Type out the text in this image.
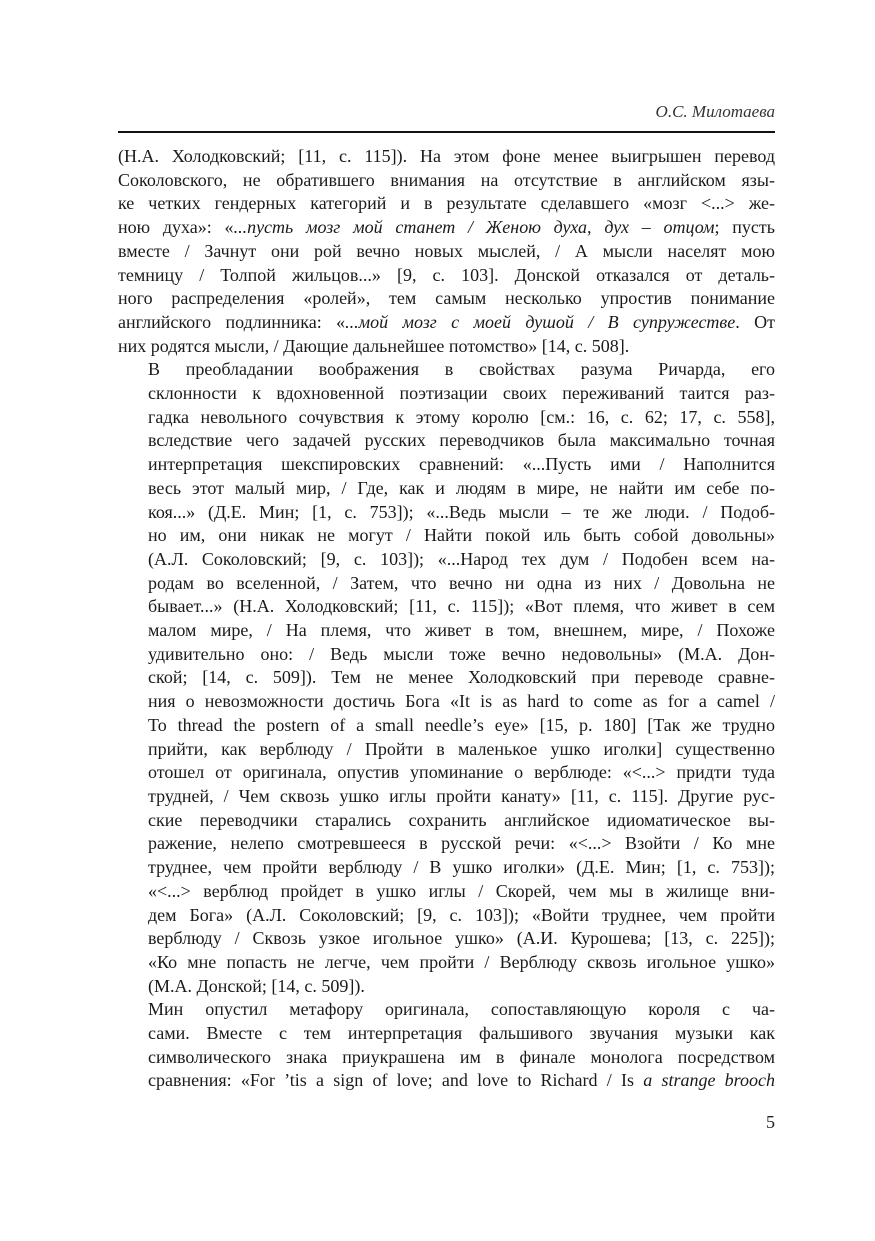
О.С. Милотаева

(Н.А. Холодковский; [11, с. 115]). На этом фоне менее выигрышен перевод
Соколовского, не обратившего внимания на отсутствие в английском язы-
ке четких гендерных категорий и в результате сделавшего «мозг <...> же-
ною духа»: «...пусть мозг мой станет / Женою духа, дух – отцом; пусть
вместе / Зачнут они рой вечно новых мыслей, / А мысли населят мою
темницу / Толпой жильцов...» [9, с. 103]. Донской отказался от деталь-
ного распределения «ролей», тем самым несколько упростив понимание
английского подлинника: «...мой мозг с моей душой / В супружестве. От
них родятся мысли, / Дающие дальнейшее потомство» [14, с. 508].

В преобладании воображения в свойствах разума Ричарда, его
склонности к вдохновенной поэтизации своих переживаний таится раз-
гадка невольного сочувствия к этому королю [см.: 16, с. 62; 17, с. 558],
вследствие чего задачей русских переводчиков была максимально точная
интерпретация шекспировских сравнений: «...Пусть ими / Наполнится
весь этот малый мир, / Где, как и людям в мире, не найти им себе по-
коя...» (Д.Е. Мин; [1, с. 753]); «...Ведь мысли – те же люди. / Подоб-
но им, они никак не могут / Найти покой иль быть собой довольны»
(А.Л. Соколовский; [9, с. 103]); «...Народ тех дум / Подобен всем на-
родам во вселенной, / Затем, что вечно ни одна из них / Довольна не
бывает...» (Н.А. Холодковский; [11, с. 115]); «Вот племя, что живет в сем
малом мире, / На племя, что живет в том, внешнем, мире, / Похоже
удивительно оно: / Ведь мысли тоже вечно недовольны» (М.А. Дон-
ской; [14, с. 509]). Тем не менее Холодковский при переводе сравне-
ния о невозможности достичь Бога «It is as hard to come as for a camel /
To thread the postern of a small needle’s eye» [15, p. 180] [Так же трудно
прийти, как верблюду / Пройти в маленькое ушко иголки] существенно
отошел от оригинала, опустив упоминание о верблюде: «<...> придти туда
трудней, / Чем сквозь ушко иглы пройти канату» [11, с. 115]. Другие рус-
ские переводчики старались сохранить английское идиоматическое вы-
ражение, нелепо смотревшееся в русской речи: «<...> Взойти / Ко мне
труднее, чем пройти верблюду / В ушко иголки» (Д.Е. Мин; [1, с. 753]);
«<...> верблюд пройдет в ушко иглы / Скорей, чем мы в жилище вни-
дем Бога» (А.Л. Соколовский; [9, с. 103]); «Войти труднее, чем пройти
верблюду / Сквозь узкое игольное ушко» (А.И. Курошева; [13, с. 225]);
«Ко мне попасть не легче, чем пройти / Верблюду сквозь игольное ушко»
(М.А. Донской; [14, с. 509]).

Мин опустил метафору оригинала, сопоставляющую короля с ча-
сами. Вместе с тем интерпретация фальшивого звучания музыки как
символического знака приукрашена им в финале монолога посредством
сравнения: «For ’tis a sign of love; and love to Richard / Is a strange brooch

5
